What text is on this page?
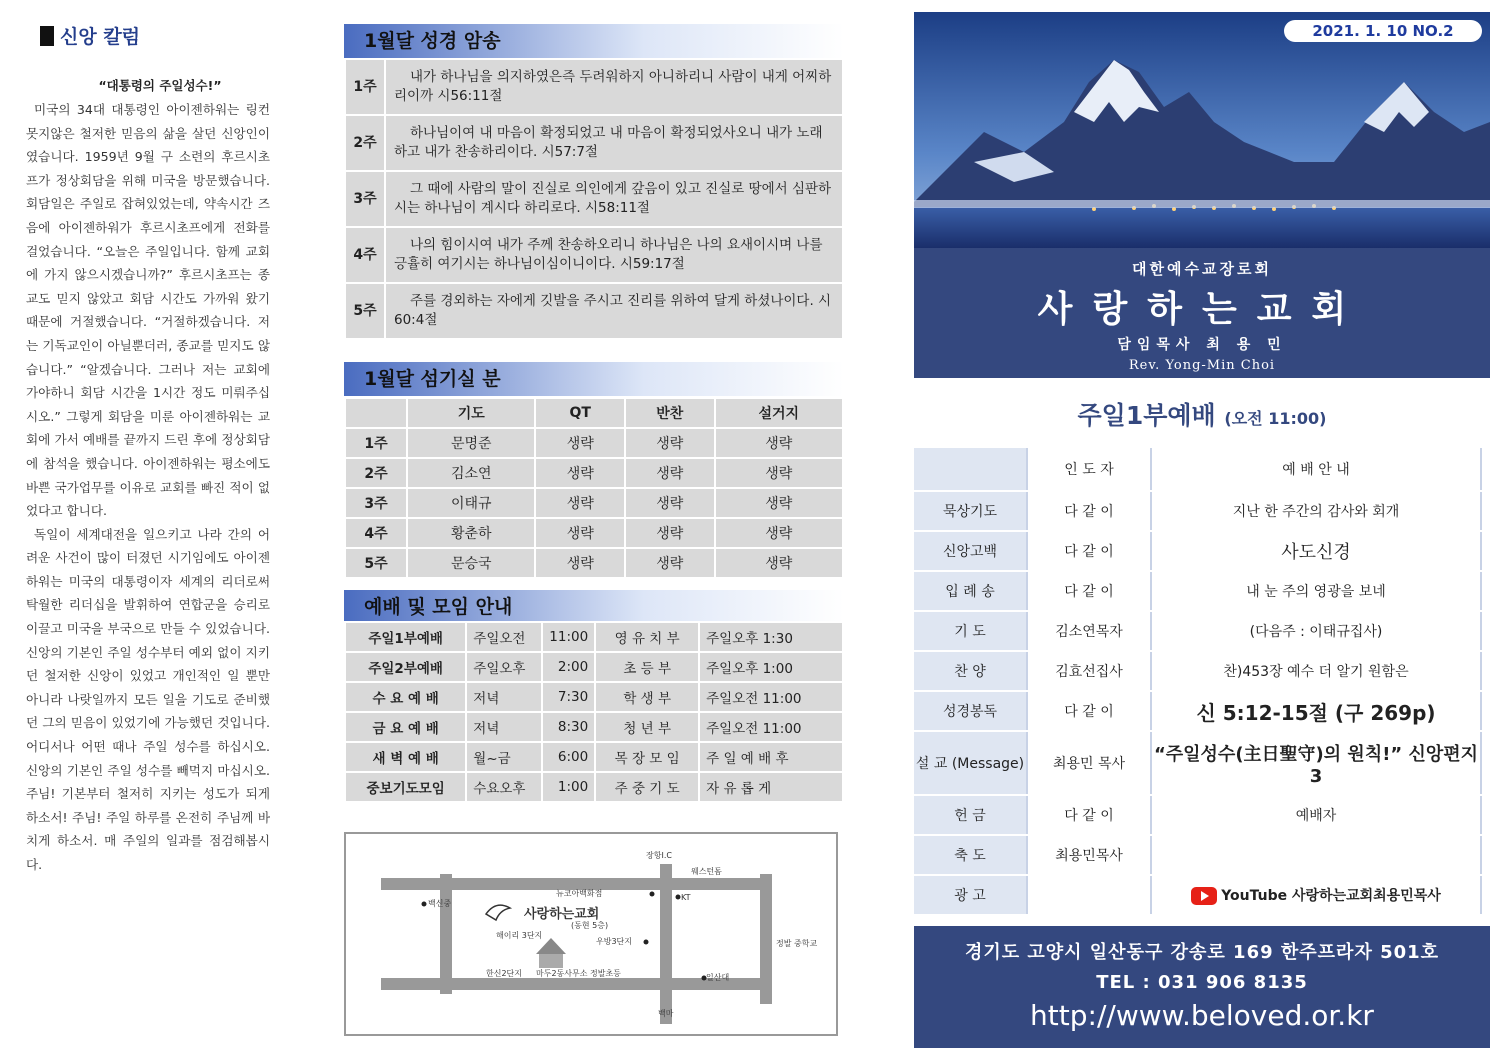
신앙 칼럼
“대통령의 주일성수!”

미국의 34대 대통령인 아이젠하워는 링컨 못지않은 철저한 믿음의 삶을 살던 신앙인이였습니다. 1959년 9월 구 소련의 후르시초프가 정상회담을 위해 미국을 방문했습니다. 회담일은 주일로 잡혀있었는데, 약속시간 즈음에 아이젠하워가 후르시초프에게 전화를 걸었습니다. “오늘은 주일입니다. 함께 교회에 가지 않으시겠습니까?” 후르시초프는 종교도 믿지 않았고 회담 시간도 가까워 왔기 때문에 거절했습니다. “거절하겠습니다. 저는 기독교인이 아닐뿐더러, 종교를 믿지도 않습니다.” “알겠습니다. 그러나 저는 교회에 가야하니 회담 시간을 1시간 정도 미뤄주십시오.” 그렇게 회담을 미룬 아이젠하워는 교회에 가서 예배를 끝까지 드린 후에 정상회담에 참석을 했습니다. 아이젠하워는 평소에도 바쁜 국가업무를 이유로 교회를 빠진 적이 없었다고 합니다.

독일이 세계대전을 일으키고 나라 간의 어려운 사건이 많이 터졌던 시기임에도 아이젠하워는 미국의 대통령이자 세계의 리더로써 탁월한 리더십을 발휘하여 연합군을 승리로 이끌고 미국을 부국으로 만들 수 있었습니다. 신앙의 기본인 주일 성수부터 예외 없이 지키던 철저한 신앙이 있었고 개인적인 일 뿐만 아니라 나랏일까지 모든 일을 기도로 준비했던 그의 믿음이 있었기에 가능했던 것입니다. 어디서나 어떤 때나 주일 성수를 하십시오. 신앙의 기본인 주일 성수를 빼먹지 마십시오. 주님! 기본부터 철저히 지키는 성도가 되게 하소서! 주님! 주일 하루를 온전히 주님께 바치게 하소서. 매 주일의 일과를 점검해봅시다.

1월달 성경 암송
1주	내가 하나님을 의지하였은즉 두려워하지 아니하리니 사람이 내게 어찌하리이까 시56:11절
2주	하나님이여 내 마음이 확정되었고 내 마음이 확정되었사오니 내가 노래하고 내가 찬송하리이다. 시57:7절
3주	그 때에 사람의 말이 진실로 의인에게 갚음이 있고 진실로 땅에서 심판하시는 하나님이 계시다 하리로다. 시58:11절
4주	나의 힘이시여 내가 주께 찬송하오리니 하나님은 나의 요새이시며 나를 긍휼히 여기시는 하나님이심이니이다. 시59:17절
5주	주를 경외하는 자에게 깃발을 주시고 진리를 위하여 달게 하셨나이다. 시60:4절
1월달 섬기실 분
	기도	QT	반찬	설거지
1주	문명준	생략	생략	생략
2주	김소연	생략	생략	생략
3주	이태규	생략	생략	생략
4주	황춘하	생략	생략	생략
5주	문승국	생략	생략	생략
예배 및 모임 안내
주일1부예배	주일오전	11:00	영 유 치 부	주일오후 1:30
주일2부예배	주일오후	2:00	초 등 부	주일오후 1:00
수 요 예 배	저녁	7:30	학 생 부	주일오전 11:00
금 요 예 배	저녁	8:30	청 년 부	주일오전 11:00
새 벽 예 배	월~금	6:00	목 장 모 임	주 일 예 배 후
중보기도모임	수요오후	1:00	주 중 기 도	자 유 롭 게
장항I.C
웨스턴돔
백신중
KT
뉴코아백화점
사랑하는교회
(동현 5층)
해이리 3단지
우방3단지
한신2단지 마두2동사무소 정발초등	일산대
정발 중학교
백마
2021. 1. 10 NO.2
대한예수교장로회
사랑하는교회
담임목사 최 용 민
Rev. Yong-Min Choi
주일1부예배 (오전 11:00)
	인 도 자	예 배 안 내
묵상기도	다 같 이	지난 한 주간의 감사와 회개
신앙고백	다 같 이	사도신경
입 례 송	다 같 이	내 눈 주의 영광을 보네
기 도	김소연목자	(다음주 : 이태규집사)
찬 양	김효선집사	찬)453장 예수 더 알기 원함은
성경봉독	다 같 이	신 5:12-15절 (구 269p)
설 교 (Message)	최용민 목사	“주일성수(主日聖守)의 원칙!” 신앙편지3
헌 금	다 같 이	예배자
축 도	최용민목사	
광 고		YouTube 사랑하는교회최용민목사
경기도 고양시 일산동구 강송로 169 한주프라자 501호
TEL : 031 906 8135
http://www.beloved.or.kr
